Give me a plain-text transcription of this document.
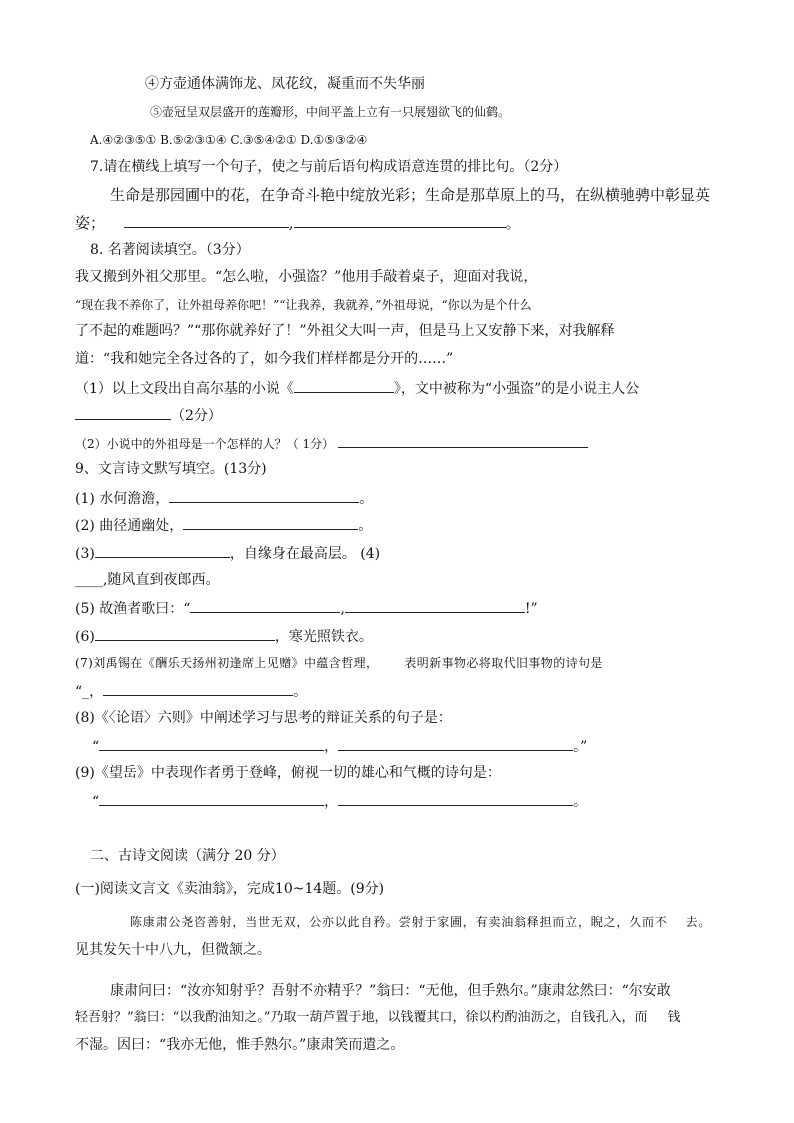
④方壶通体满饰龙、凤花纹，凝重而不失华丽
⑤壶冠呈双层盛开的莲瓣形，中间平盖上立有一只展翅欲飞的仙鹤。
A.④②③⑤① B.⑤②③①④ C.③⑤④②① D.①⑤③②④
7.请在横线上填写一个句子，使之与前后语句构成语意连贯的排比句。（2分）
生命是那园圃中的花，在争奇斗艳中绽放光彩；生命是那草原上的马，在纵横驰骋中彰显英
姿；	,	。
8. 名著阅读填空。（3分）
我又搬到外祖父那里。“怎么啦，小强盗？”他用手敲着桌子，迎面对我说，
“现在我不养你了，让外祖母养你吧！”“让我养，我就养，”外祖母说，“你以为是个什么
了不起的难题吗？”“那你就养好了！”外祖父大叫一声，但是马上又安静下来，对我解释
道：“我和她完全各过各的了，如今我们样样都是分开的……”
（1）以上文段出自高尔基的小说《	》，文中被称为“小强盗”的是小说主人公
（2分）
（2）小说中的外祖母是一个怎样的人？（ 1分）
9、文言诗文默写填空。(13分)
(1) 水何澹澹，	。
(2) 曲径通幽处，	。
(3)	，自缘身在最高层。 (4)
____,随风直到夜郎西。
(5) 故渔者歌曰：“	,	!”
(6)	，寒光照铁衣。
(7)刘禹锡在《酬乐天扬州初逢席上见赠》中蕴含哲理， 表明新事物必将取代旧事物的诗句是
“_，	。
(8)《〈论语〉六则》中阐述学习与思考的辩证关系的句子是：
“	，	。”
(9)《望岳》中表现作者勇于登峰，俯视一切的雄心和气概的诗句是：
“	，	。
二、古诗文阅读（满分 20 分）
(一)阅读文言文《卖油翁》，完成10~14题。(9分)
陈康肃公尧咨善射，当世无双，公亦以此自矜。尝射于家圃，有卖油翁释担而立，睨之，久而不 去。
见其发矢十中八九，但微颔之。
康肃问曰：“汝亦知射乎？吾射不亦精乎？”翁曰：“无他，但手熟尔。”康肃忿然曰：“尔安敢
轻吾射？”翁曰：“以我酌油知之。”乃取一葫芦置于地，以钱覆其口，徐以杓酌油沥之，自钱孔入，而 钱
不湿。因曰：“我亦无他，惟手熟尔。”康肃笑而遣之。
